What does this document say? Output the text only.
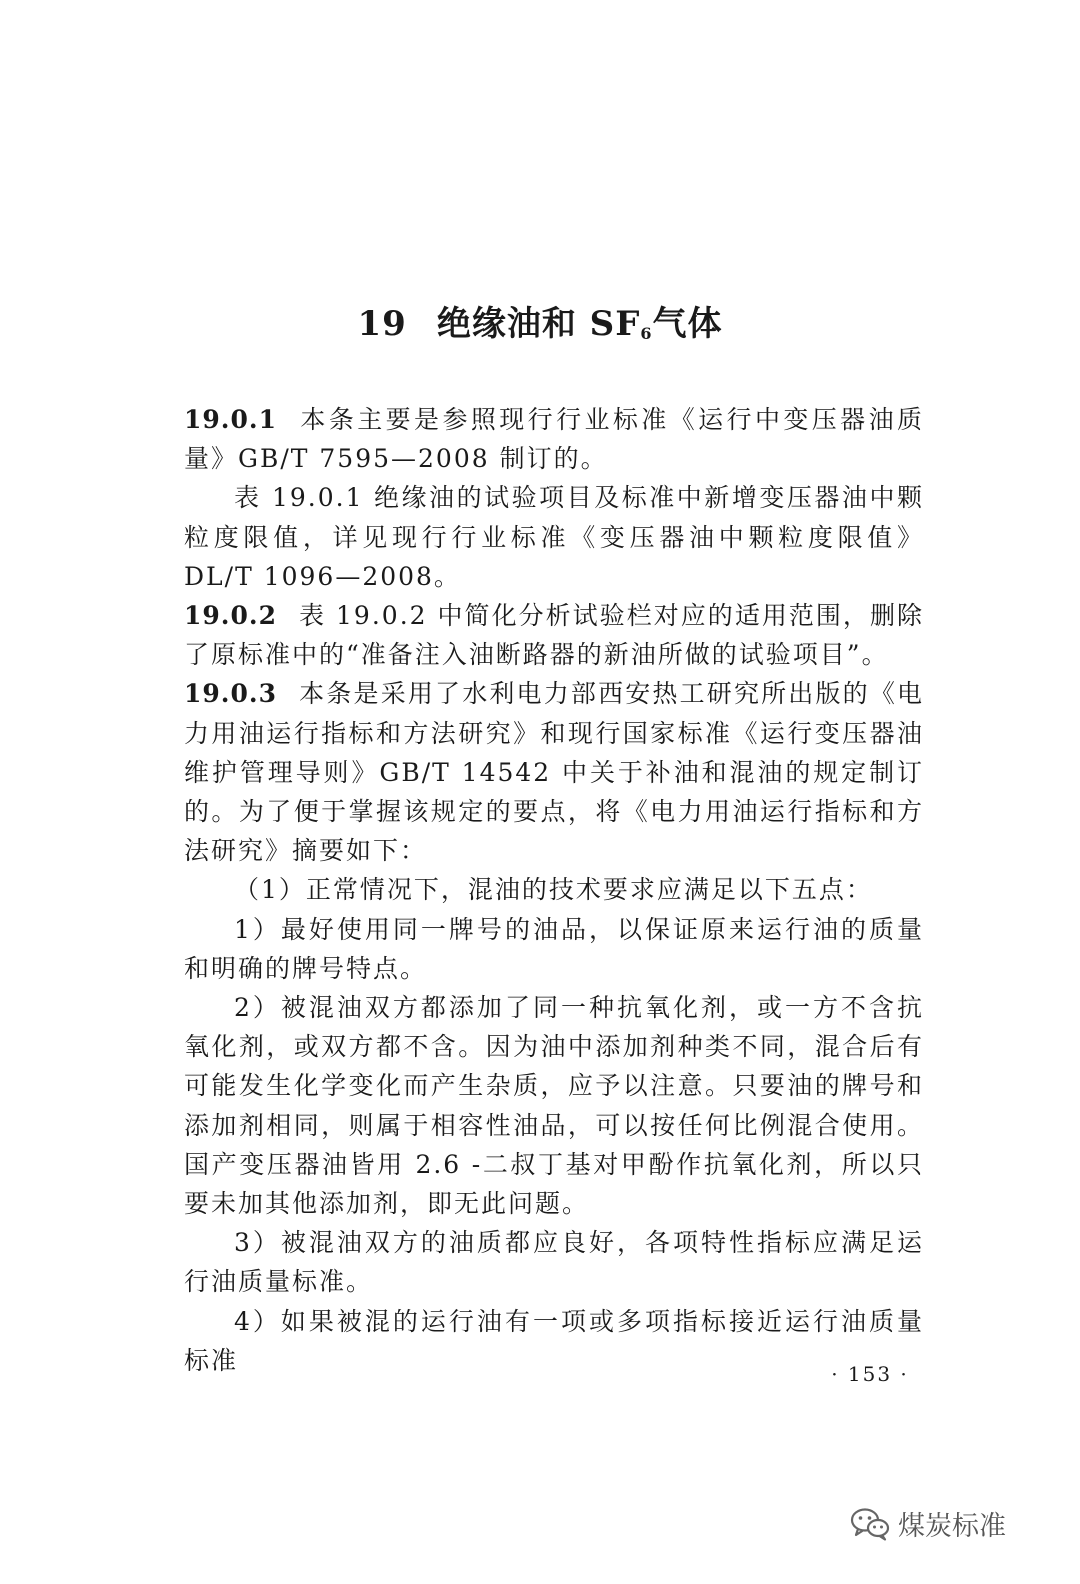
19 绝缘油和 $SF_6$气体

19.0.1 本条主要是参照现行行业标准《运行中变压器油质量》GB/T 7595—2008 制订的。

表 19.0.1 绝缘油的试验项目及标准中新增变压器油中颗粒度限值，详见现行行业标准《变压器油中颗粒度限值》DL/T 1096—2008。

19.0.2 表 19.0.2 中简化分析试验栏对应的适用范围，删除了原标准中的“准备注入油断路器的新油所做的试验项目”。

19.0.3 本条是采用了水利电力部西安热工研究所出版的《电力用油运行指标和方法研究》和现行国家标准《运行变压器油维护管理导则》GB/T 14542 中关于补油和混油的规定制订的。为了便于掌握该规定的要点，将《电力用油运行指标和方法研究》摘要如下：

（1）正常情况下，混油的技术要求应满足以下五点：

1）最好使用同一牌号的油品，以保证原来运行油的质量和明确的牌号特点。

2）被混油双方都添加了同一种抗氧化剂，或一方不含抗氧化剂，或双方都不含。因为油中添加剂种类不同，混合后有可能发生化学变化而产生杂质，应予以注意。只要油的牌号和添加剂相同，则属于相容性油品，可以按任何比例混合使用。国产变压器油皆用 2.6 -二叔丁基对甲酚作抗氧化剂，所以只要未加其他添加剂，即无此问题。

3）被混油双方的油质都应良好，各项特性指标应满足运行油质量标准。

4）如果被混的运行油有一项或多项指标接近运行油质量标准	· 153 ·
煤炭标准
